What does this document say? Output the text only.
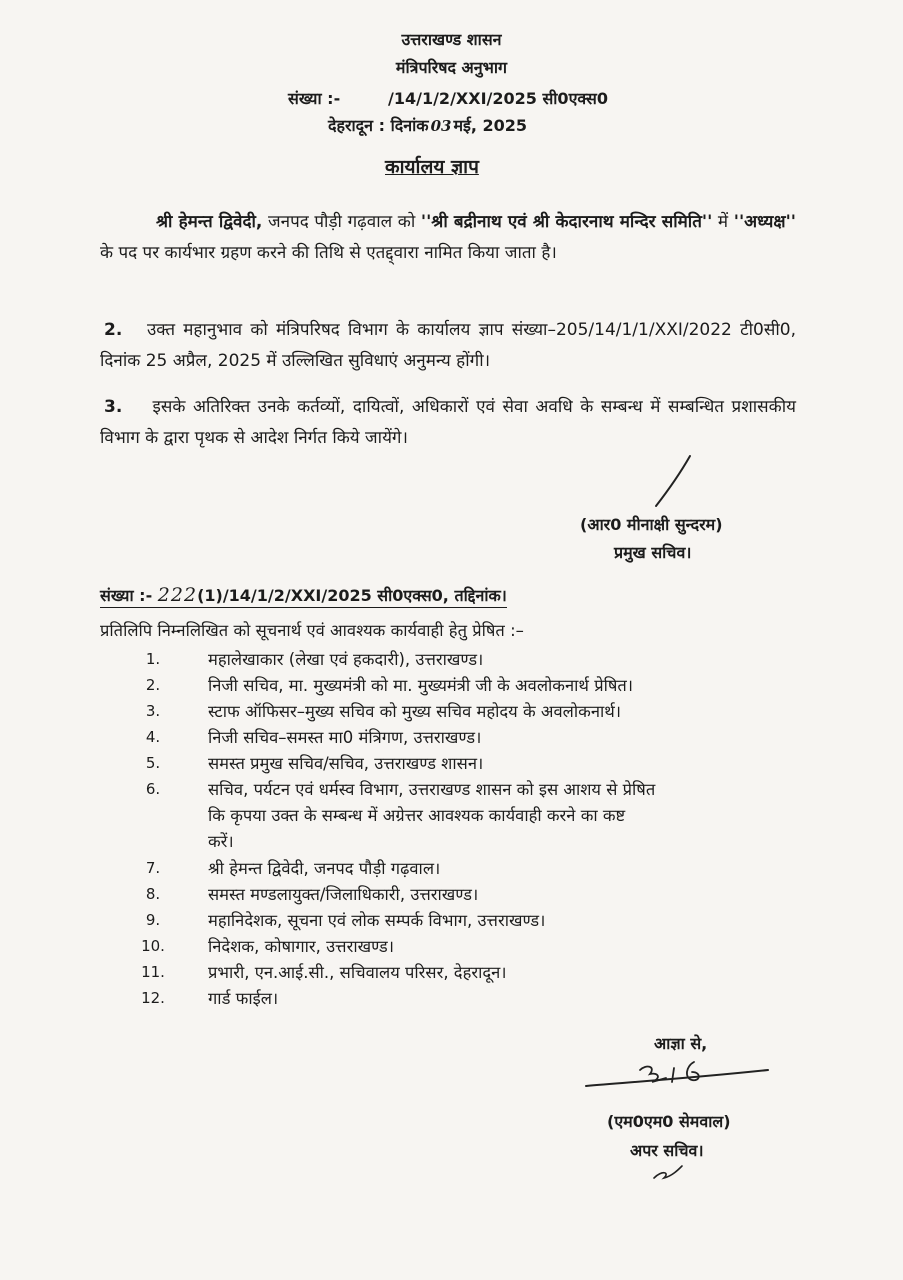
उत्तराखण्ड शासन
मंत्रिपरिषद अनुभाग
संख्या :-	/14/1/2/XXI/2025 सी0एक्स0
देहरादून : दिनांक 03 मई, 2025
कार्यालय ज्ञाप
श्री हेमन्त द्विवेदी, जनपद पौड़ी गढ़वाल को ''श्री बद्रीनाथ एवं श्री केदारनाथ मन्दिर समिति'' में ''अध्यक्ष'' के पद पर कार्यभार ग्रहण करने की तिथि से एतद्द्वारा नामित किया जाता है।
2. उक्त महानुभाव को मंत्रिपरिषद विभाग के कार्यालय ज्ञाप संख्या–205/14/1/1/XXI/2022 टी0सी0, दिनांक 25 अप्रैल, 2025 में उल्लिखित सुविधाएं अनुमन्य होंगी।
3. इसके अतिरिक्त उनके कर्तव्यों, दायित्वों, अधिकारों एवं सेवा अवधि के सम्बन्ध में सम्बन्धित प्रशासकीय विभाग के द्वारा पृथक से आदेश निर्गत किये जायेंगे।
(आर0 मीनाक्षी सुन्दरम)
प्रमुख सचिव।
संख्या :- 222(1)/14/1/2/XXI/2025 सी0एक्स0, तद्दिनांक।
प्रतिलिपि निम्नलिखित को सूचनार्थ एवं आवश्यक कार्यवाही हेतु प्रेषित :–
1.	महालेखाकार (लेखा एवं हकदारी), उत्तराखण्ड।
2.	निजी सचिव, मा. मुख्यमंत्री को मा. मुख्यमंत्री जी के अवलोकनार्थ प्रेषित।
3.	स्टाफ ऑफिसर–मुख्य सचिव को मुख्य सचिव महोदय के अवलोकनार्थ।
4.	निजी सचिव–समस्त मा0 मंत्रिगण, उत्तराखण्ड।
5.	समस्त प्रमुख सचिव/सचिव, उत्तराखण्ड शासन।
6.	सचिव, पर्यटन एवं धर्मस्व विभाग, उत्तराखण्ड शासन को इस आशय से प्रेषित
कि कृपया उक्त के सम्बन्ध में अग्रेत्तर आवश्यक कार्यवाही करने का कष्ट
करें।
7.	श्री हेमन्त द्विवेदी, जनपद पौड़ी गढ़वाल।
8.	समस्त मण्डलायुक्त/जिलाधिकारी, उत्तराखण्ड।
9.	महानिदेशक, सूचना एवं लोक सम्पर्क विभाग, उत्तराखण्ड।
10.	निदेशक, कोषागार, उत्तराखण्ड।
11.	प्रभारी, एन.आई.सी., सचिवालय परिसर, देहरादून।
12.	गार्ड फाईल।
आज्ञा से,
(एम0एम0 सेमवाल)
अपर सचिव।
